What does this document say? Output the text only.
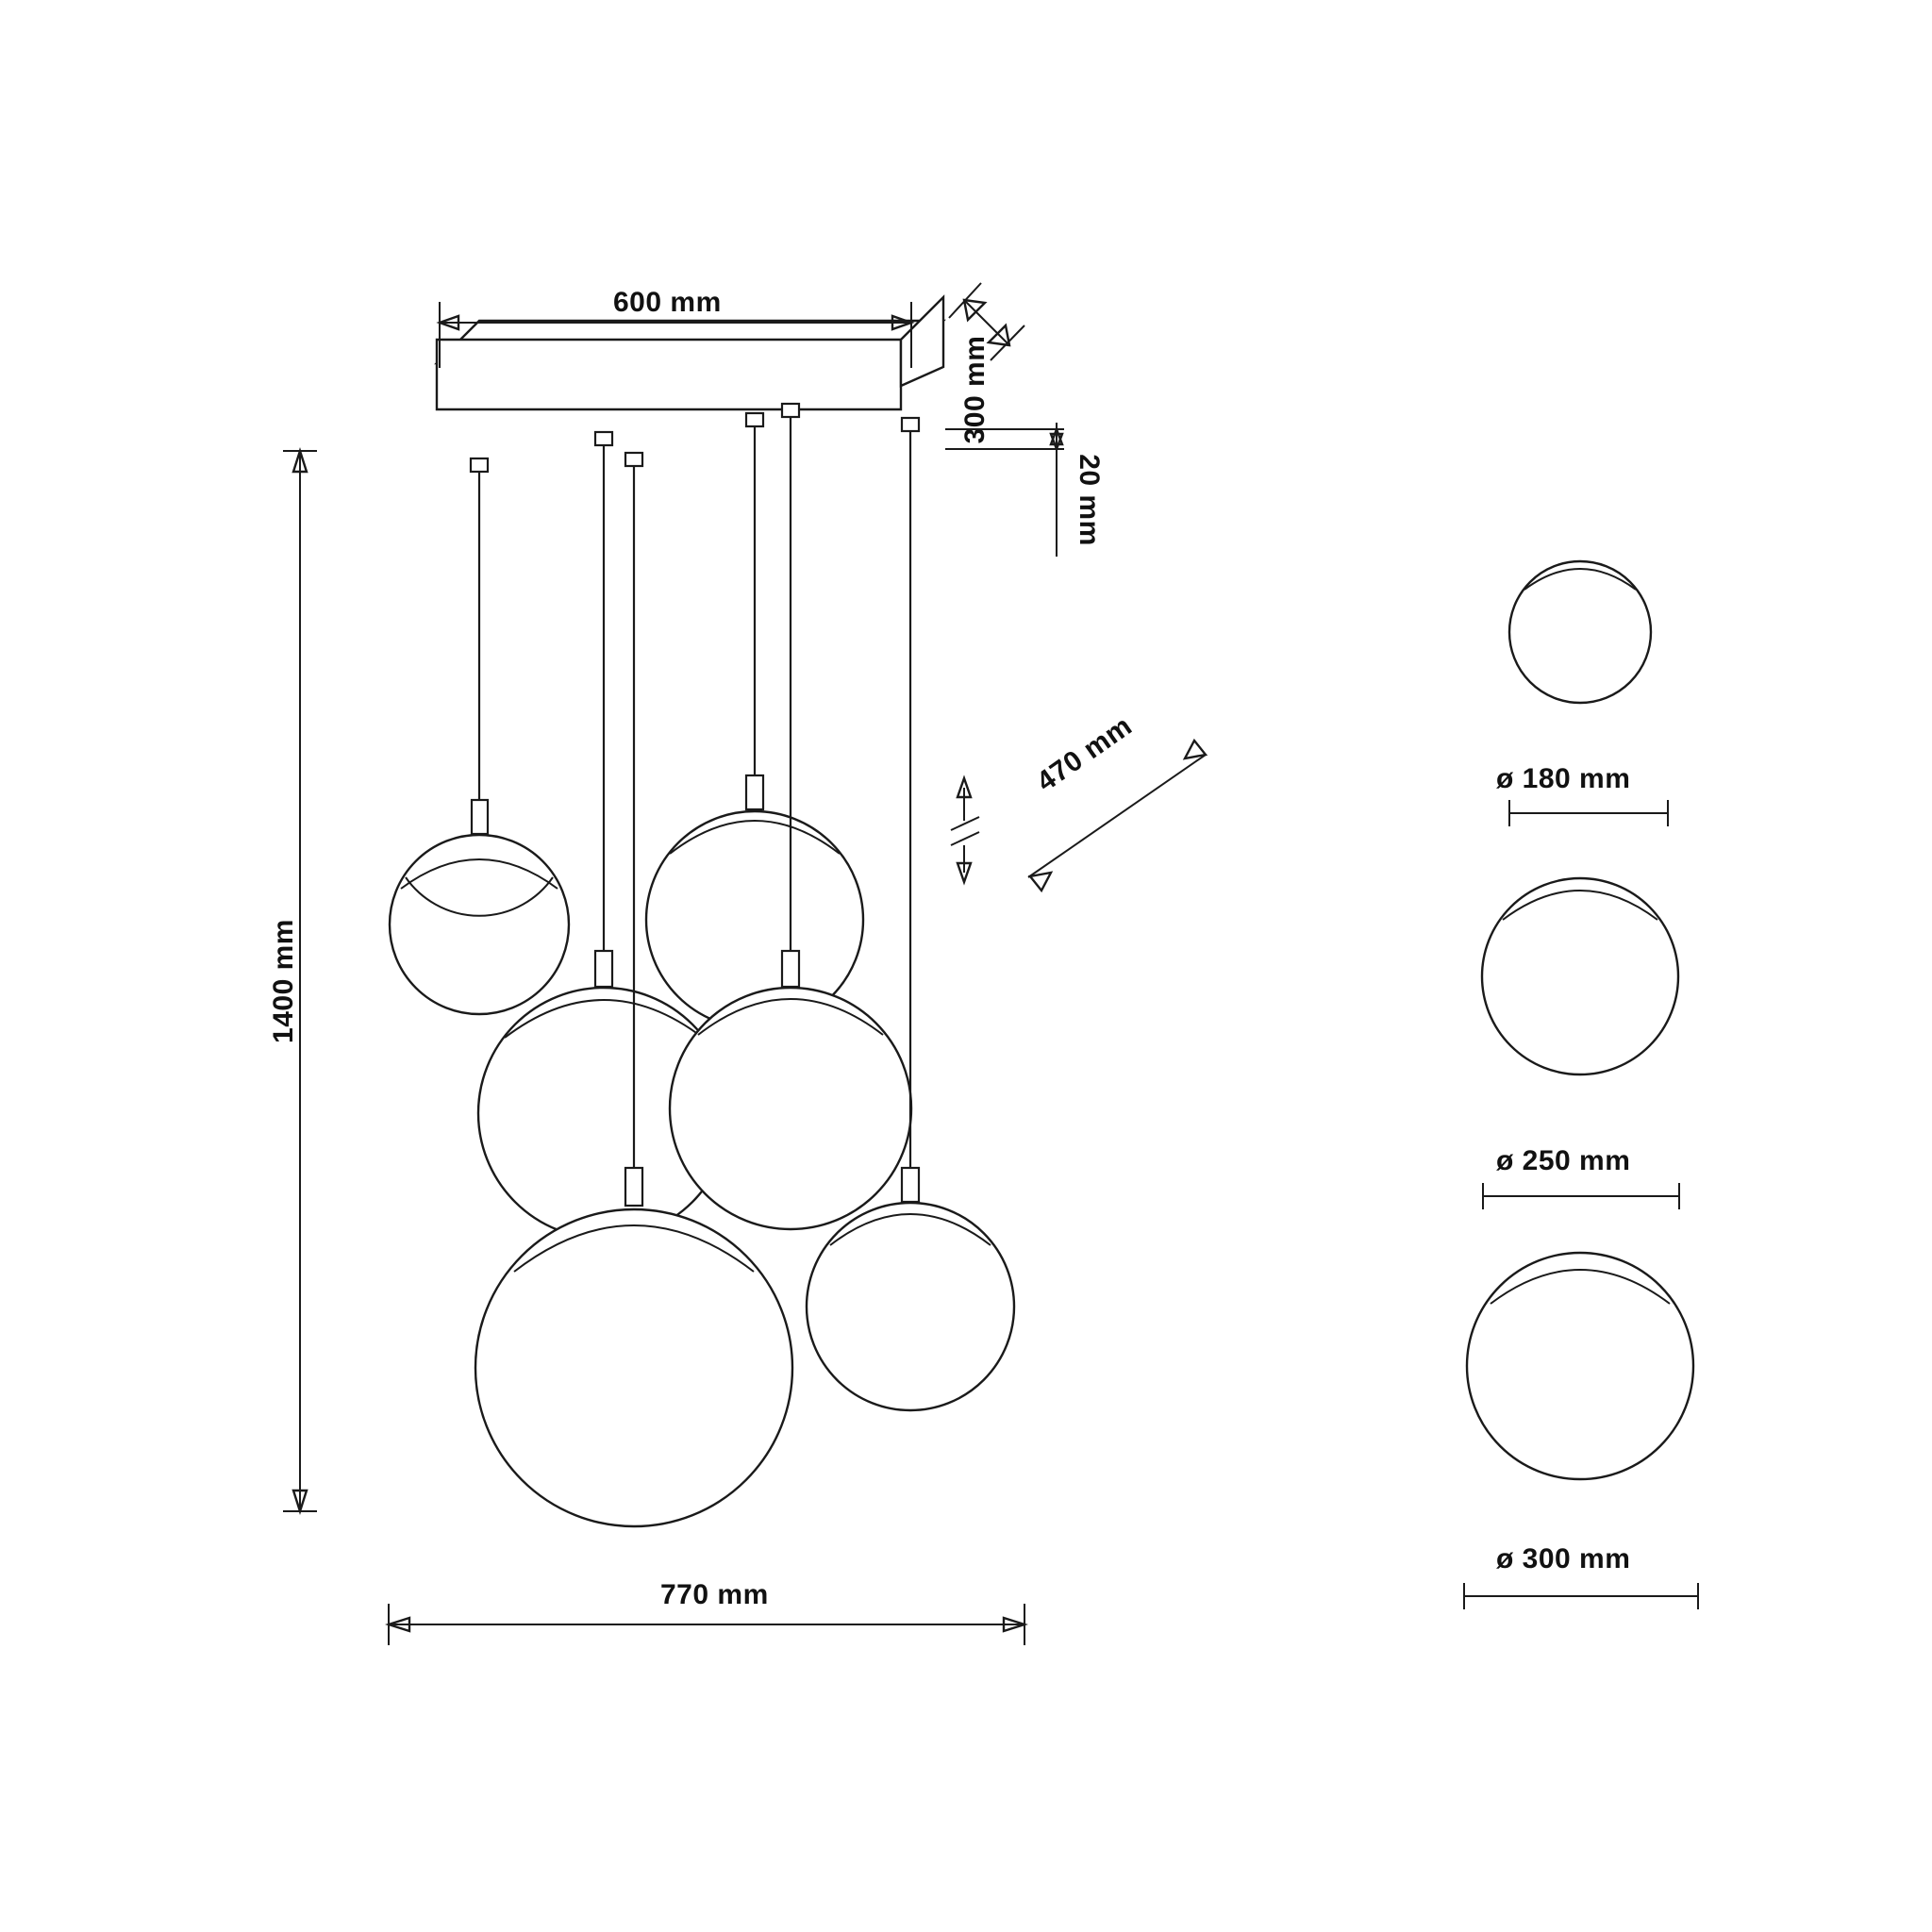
600 mm
300 mm
20 mm
1400 mm
770 mm
470 mm	ø 180 mm
ø 250 mm
ø 300 mm
